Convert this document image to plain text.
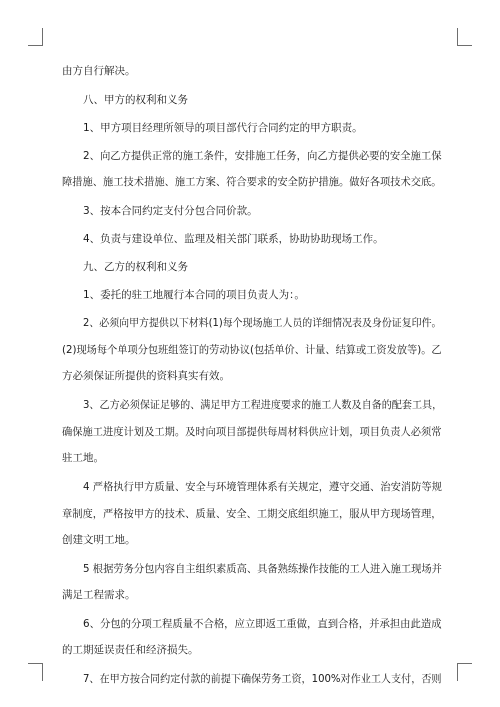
由方自行解决。
八、甲方的权利和义务
1、甲方项目经理所领导的项目部代行合同约定的甲方职责。
2、向乙方提供正常的施工条件，安排施工任务，向乙方提供必要的安全施工保
障措施、施工技术措施、施工方案、符合要求的安全防护措施。做好各项技术交底。
3、按本合同约定支付分包合同价款。
4、负责与建设单位、监理及相关部门联系，协助协助现场工作。
九、乙方的权利和义务
1、委托的驻工地履行本合同的项目负责人为：。
2、必须向甲方提供以下材料(1)每个现场施工人员的详细情况表及身份证复印件。
(2)现场每个单项分包班组签订的劳动协议(包括单价、计量、结算或工资发放等)。乙
方必须保证所提供的资料真实有效。
3、乙方必须保证足够的、满足甲方工程进度要求的施工人数及自备的配套工具，
确保施工进度计划及工期。及时向项目部提供每周材料供应计划，项目负责人必须常
驻工地。
4 严格执行甲方质量、安全与环境管理体系有关规定，遵守交通、治安消防等规
章制度，严格按甲方的技术、质量、安全、工期交底组织施工，服从甲方现场管理，
创建文明工地。
5 根据劳务分包内容自主组织素质高、具备熟练操作技能的工人进入施工现场并
满足工程需求。
6、分包的分项工程质量不合格，应立即返工重做，直到合格，并承担由此造成
的工期延误责任和经济损失。
7、在甲方按合同约定付款的前提下确保劳务工资，100%对作业工人支付，否则
